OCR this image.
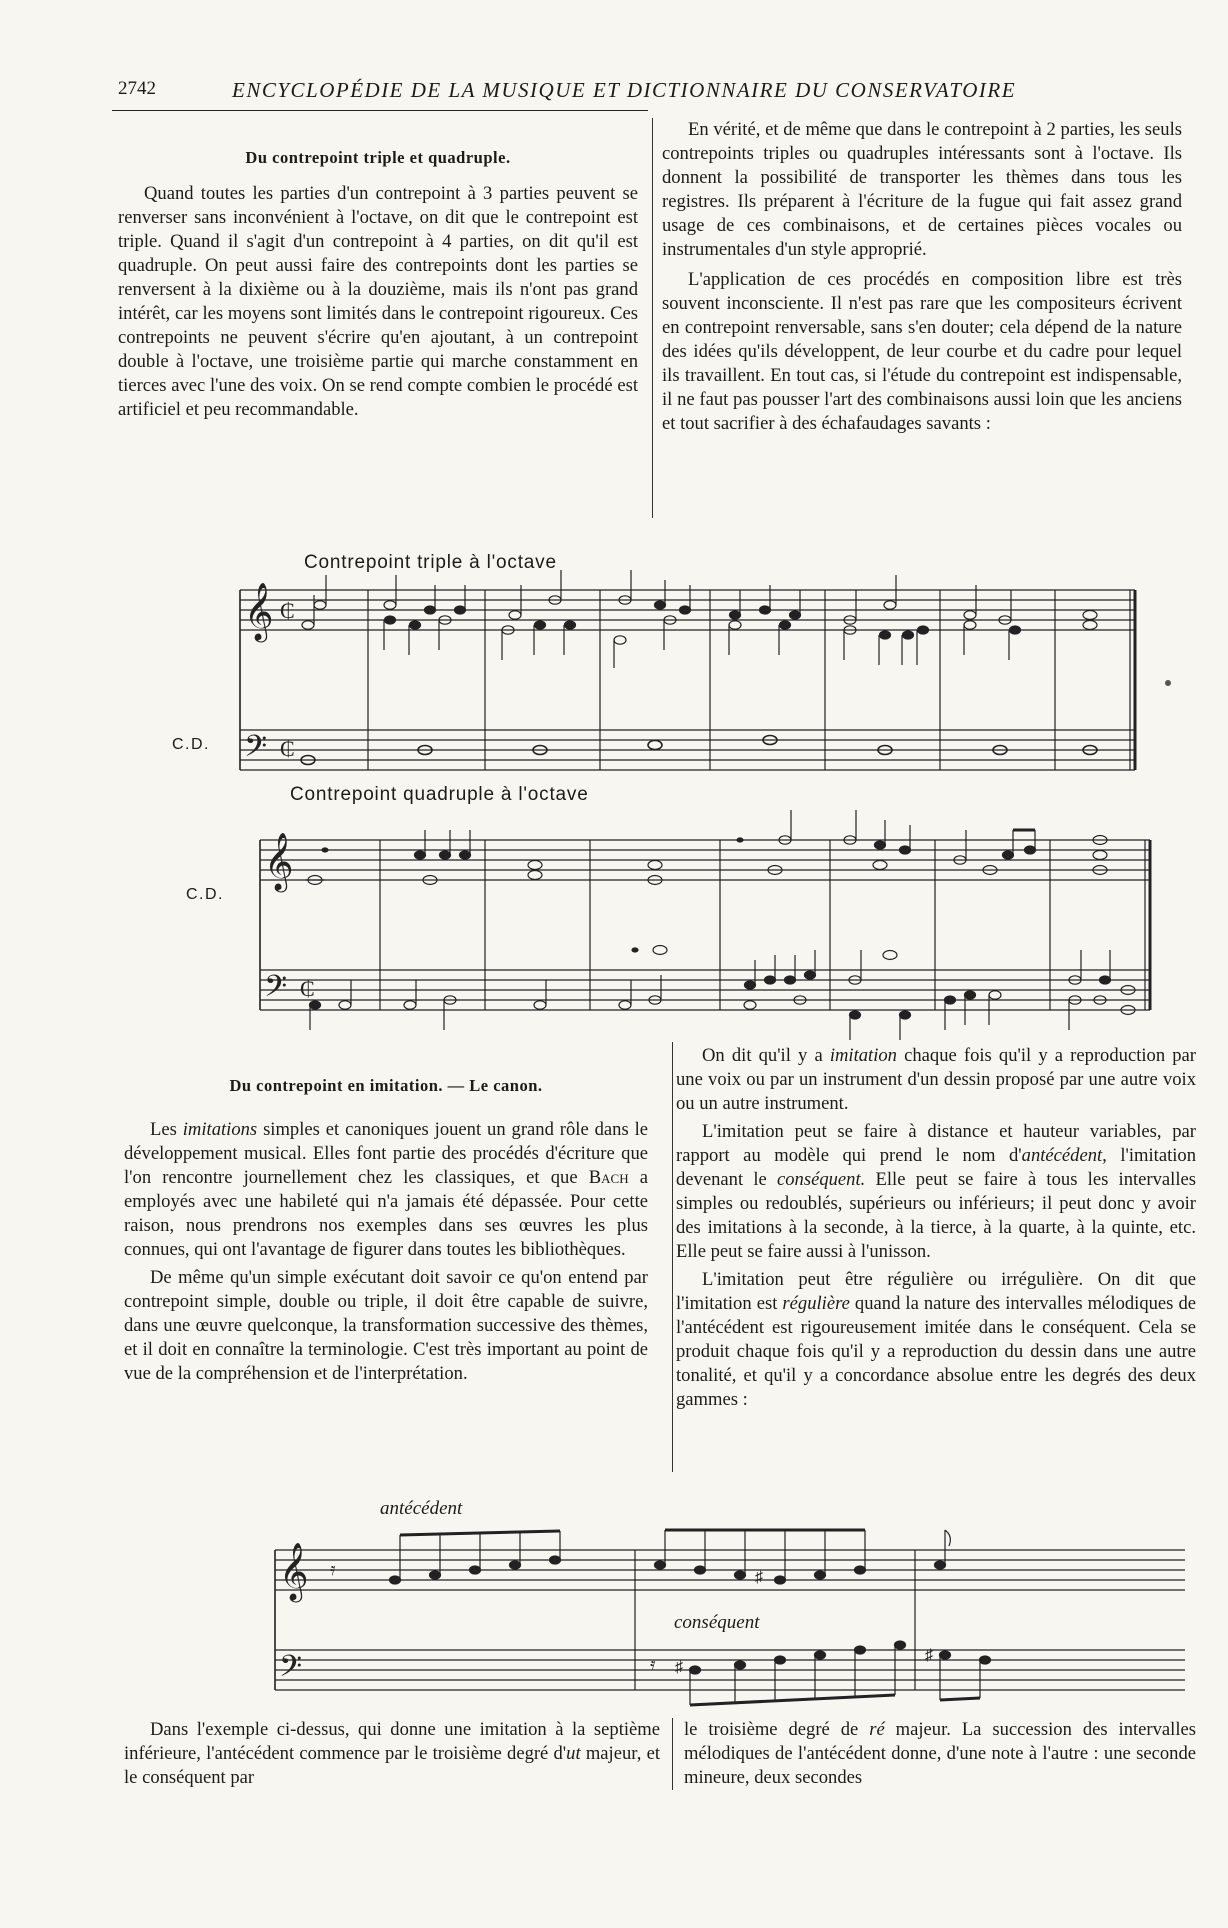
2742	ENCYCLOPÉDIE DE LA MUSIQUE ET DICTIONNAIRE DU CONSERVATOIRE

Du contrepoint triple et quadruple.

Quand toutes les parties d'un contrepoint à 3 parties peuvent se renverser sans inconvénient à l'octave, on dit que le contrepoint est triple. Quand il s'agit d'un contrepoint à 4 parties, on dit qu'il est quadruple. On peut aussi faire des contrepoints dont les parties se renversent à la dixième ou à la douzième, mais ils n'ont pas grand intérêt, car les moyens sont limités dans le contrepoint rigoureux. Ces contrepoints ne peuvent s'écrire qu'en ajoutant, à un contrepoint double à l'octave, une troisième partie qui marche constamment en tierces avec l'une des voix. On se rend compte combien le procédé est artificiel et peu recommandable.

En vérité, et de même que dans le contrepoint à 2 parties, les seuls contrepoints triples ou quadruples intéressants sont à l'octave. Ils donnent la possibilité de transporter les thèmes dans tous les registres. Ils préparent à l'écriture de la fugue qui fait assez grand usage de ces combinaisons, et de certaines pièces vocales ou instrumentales d'un style approprié.

L'application de ces procédés en composition libre est très souvent inconsciente. Il n'est pas rare que les compositeurs écrivent en contrepoint renversable, sans s'en douter; cela dépend de la nature des idées qu'ils développent, de leur courbe et du cadre pour lequel ils travaillent. En tout cas, si l'étude du contrepoint est indispensable, il ne faut pas pousser l'art des combinaisons aussi loin que les anciens et tout sacrifier à des échafaudages savants :

Contrepoint triple à l'octave
C.D.
𝄞
𝄢
₵
₵
Contrepoint quadruple à l'octave
C.D.
𝄞
𝄢 ₵

Du contrepoint en imitation. — Le canon.

Les imitations simples et canoniques jouent un grand rôle dans le développement musical. Elles font partie des procédés d'écriture que l'on rencontre journellement chez les classiques, et que Bach a employés avec une habileté qui n'a jamais été dépassée. Pour cette raison, nous prendrons nos exemples dans ses œuvres les plus connues, qui ont l'avantage de figurer dans toutes les bibliothèques.

De même qu'un simple exécutant doit savoir ce qu'on entend par contrepoint simple, double ou triple, il doit être capable de suivre, dans une œuvre quelconque, la transformation successive des thèmes, et il doit en connaître la terminologie. C'est très important au point de vue de la compréhension et de l'interprétation.

On dit qu'il y a imitation chaque fois qu'il y a reproduction par une voix ou par un instrument d'un dessin proposé par une autre voix ou un autre instrument.

L'imitation peut se faire à distance et hauteur variables, par rapport au modèle qui prend le nom d'antécédent, l'imitation devenant le conséquent. Elle peut se faire à tous les intervalles simples ou redoublés, supérieurs ou inférieurs; il peut donc y avoir des imitations à la seconde, à la tierce, à la quarte, à la quinte, etc. Elle peut se faire aussi à l'unisson.

L'imitation peut être régulière ou irrégulière. On dit que l'imitation est régulière quand la nature des intervalles mélodiques de l'antécédent est rigoureusement imitée dans le conséquent. Cela se produit chaque fois qu'il y a reproduction du dessin dans une autre tonalité, et qu'il y a concordance absolue entre les degrés des deux gammes :

antécédent
conséquent
𝄞
𝄢
𝄿	♯
𝄿 ♯
♯

Dans l'exemple ci-dessus, qui donne une imitation à la septième inférieure, l'antécédent commence par le troisième degré d'ut majeur, et le conséquent par

le troisième degré de ré majeur. La succession des intervalles mélodiques de l'antécédent donne, d'une note à l'autre : une seconde mineure, deux secondes
